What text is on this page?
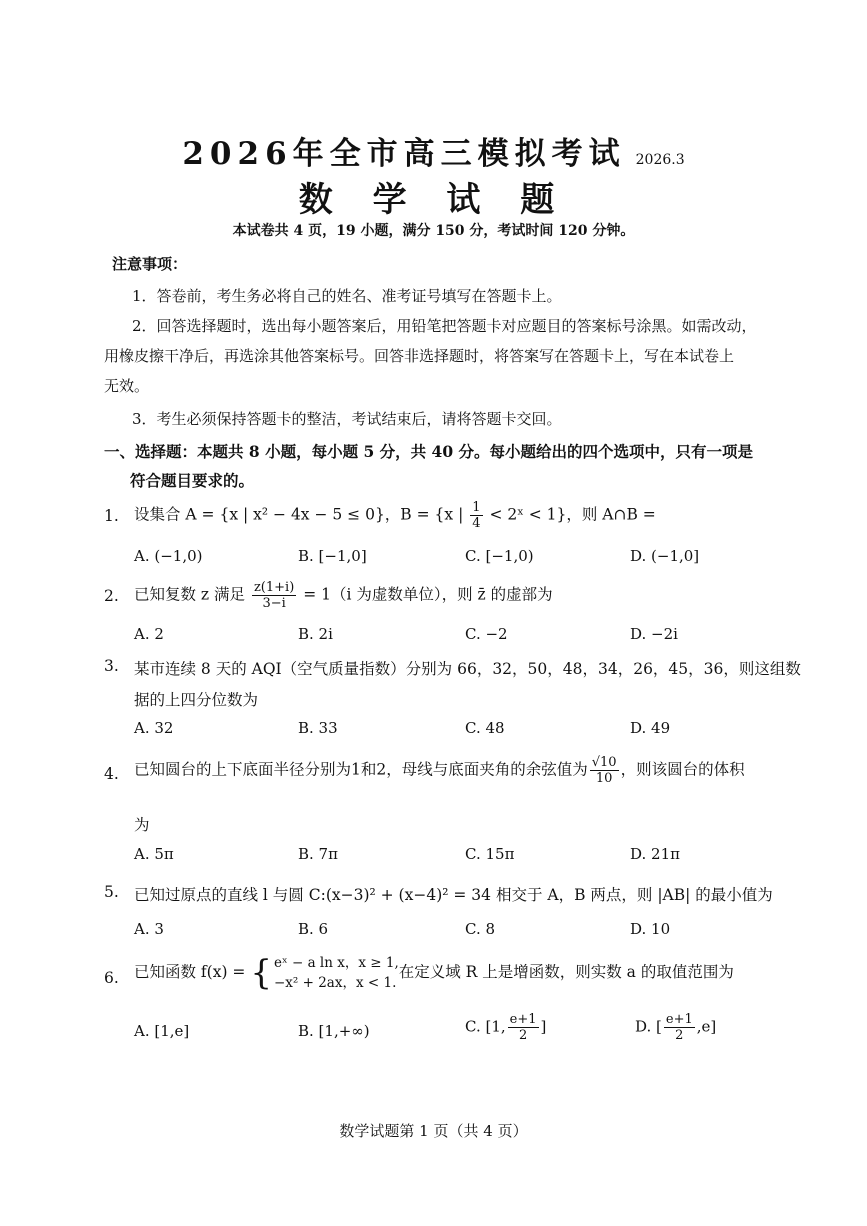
2026年全市高三模拟考试 2026.3
数 学 试 题
本试卷共 4 页，19 小题，满分 150 分，考试时间 120 分钟。
注意事项：
1．答卷前，考生务必将自己的姓名、准考证号填写在答题卡上。
2．回答选择题时，选出每小题答案后，用铅笔把答题卡对应题目的答案标号涂黑。如需改动，
用橡皮擦干净后，再选涂其他答案标号。回答非选择题时，将答案写在答题卡上，写在本试卷上
无效。
3．考生必须保持答题卡的整洁，考试结束后，请将答题卡交回。
一、选择题：本题共 8 小题，每小题 5 分，共 40 分。每小题给出的四个选项中，只有一项是
符合题目要求的。
1. 设集合 A = {x | x² − 4x − 5 ≤ 0}，B = {x | $\frac{1}{4}$ < 2ˣ < 1}，则 A∩B =
A. (−1,0)	B. [−1,0]	C. [−1,0)	D. (−1,0]
2. 已知复数 z 满足 $\frac{z(1+i)}{3-i} = 1(i$ 为虚数单位），则 z̄ 的虚部为
A. 2	B. 2i	C. −2	D. −2i
3. 某市连续 8 天的 AQI（空气质量指数）分别为 66，32，50，48，34，26，45，36，则这组数
据的上四分位数为
A. 32	B. 33	C. 48	D. 49
4. 已知圆台的上下底面半径分别为1和2，母线与底面夹角的余弦值为 $\frac{√10}{10}$ ，则该圆台的体积
为
A. 5π	B. 7π	C. 15π	D. 21π
5. 已知过原点的直线 l 与圆 C:(x−3)² + (x−4)² = 34 相交于 A，B 两点，则 |AB| 的最小值为
A. 3	B. 6	C. 8	D. 10
6. 已知函数 f(x) = { eˣ − a ln x，x ≥ 1,
−x² + 2ax，x < 1.
在定义域 R 上是增函数，则实数 a 的取值范围为
A. [1,e]	B. [1,+∞)	C. [1, $\frac{e+1}{2}$ ]	D. [ $\frac{e+1}{2} ,e$]
数学试题第 1 页（共 4 页）
